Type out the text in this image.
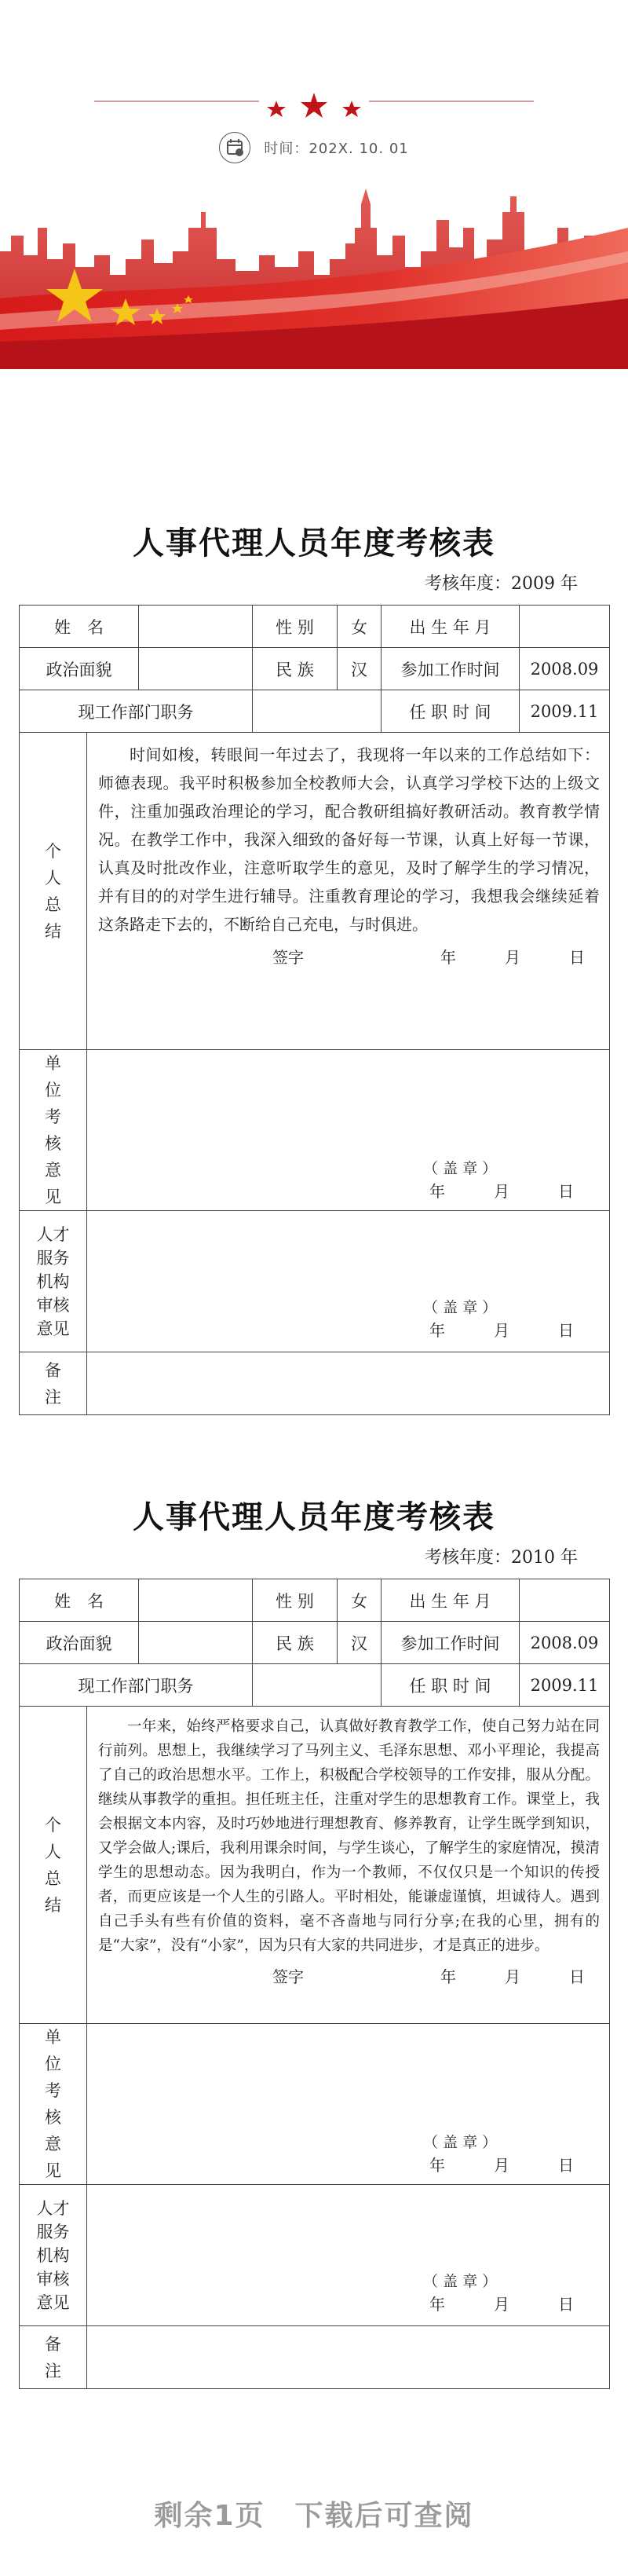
时间：202X. 10. 01
人事代理人员年度考核表
考核年度：2009 年
姓　名			性 别	女	出 生 年 月	
政治面貌			民 族	汉	参加工作时间	2008.09
现工作部门职务					任 职 时 间	2009.11

个人总结	时间如梭，转眼间一年过去了，我现将一年以来的工作总结如下：师德表现。我平时积极参加全校教师大会，认真学习学校下达的上级文件，注重加强政治理论的学习，配合教研组搞好教研活动。教育教学情况。在教学工作中，我深入细致的备好每一节课，认真上好每一节课，认真及时批改作业，注意听取学生的意见，及时了解学生的学习情况，并有目的的对学生进行辅导。注重教育理论的学习，我想我会继续延着这条路走下去的，不断给自己充电，与时俱进。

签字 年 月 日					

单位考核意见	（ 盖 章 ）
年 月 日					

人才服务机构审核意见	（ 盖 章 ）
年 月 日					

备注						

人事代理人员年度考核表
考核年度：2010 年
姓　名			性 别	女	出 生 年 月	
政治面貌			民 族	汉	参加工作时间	2008.09
现工作部门职务					任 职 时 间	2009.11

个人总结	一年来，始终严格要求自己，认真做好教育教学工作，使自己努力站在同行前列。思想上，我继续学习了马列主义、毛泽东思想、邓小平理论，我提高了自己的政治思想水平。工作上，积极配合学校领导的工作安排，服从分配。继续从事教学的重担。担任班主任，注重对学生的思想教育工作。课堂上，我会根据文本内容，及时巧妙地进行理想教育、修养教育，让学生既学到知识，又学会做人;课后，我利用课余时间，与学生谈心，了解学生的家庭情况，摸清学生的思想动态。因为我明白，作为一个教师，不仅仅只是一个知识的传授者，而更应该是一个人生的引路人。平时相处，能谦虚谨慎，坦诚待人。遇到自己手头有些有价值的资料，毫不吝啬地与同行分享;在我的心里，拥有的是“大家”，没有“小家”，因为只有大家的共同进步，才是真正的进步。

签字 年 月 日					

单位考核意见	（ 盖 章 ）
年 月 日					

人才服务机构审核意见	（ 盖 章 ）
年 月 日					

备注						

剩余1页　下载后可查阅
